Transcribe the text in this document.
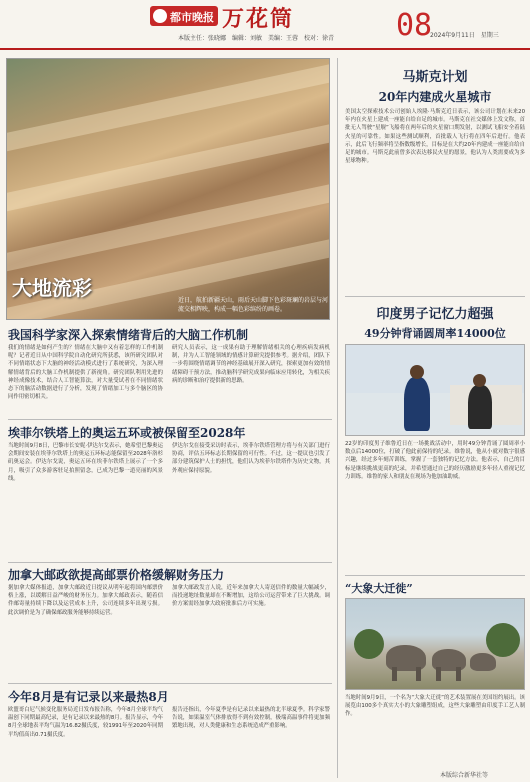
都市晚报 万花筒
本版主任：张晓娜　编辑：刘敏　美编：王蓉　校对：徐青 08
2024年9月11日　星期三
大地流彩
近日，航拍新疆天山，雨后天山脚下色彩斑斓的岩层与河流交相辉映，构成一幅色彩缤纷的画卷。
我国科学家深入探索情绪背后的大脑工作机制
我们的情绪是如何产生的？情绪在大脑中又有着怎样的工作机制呢？记者近日从中国科学院自动化研究所获悉，该所研究团队对不同情绪状态下大脑的神经活动模式进行了系统研究，为深入理解情绪背后的大脑工作机制提供了新视角。研究团队利用先进的神经成像技术，结合人工智能算法，对大量受试者在不同情绪状态下的脑活动数据进行了分析，发现了情绪加工与多个脑区的协同作用密切相关。
研究人员表示，这一成果有助于理解情绪相关的心理疾病发病机制，并为人工智能领域的情感计算研究提供参考。据介绍，团队下一步将围绕情绪调节的神经基础展开深入研究，探索更加有效的情绪障碍干预方法，推动脑科学研究成果向临床应用转化，为相关疾病的诊断和治疗提供新的思路。
埃菲尔铁塔上的奥运五环或被保留至2028年
当地时间9月8日，巴黎市长安妮·伊达尔戈表示，她希望巴黎奥运会期间安装在埃菲尔铁塔上的奥运五环标志能保留至2028年洛杉矶奥运会。伊达尔戈说，奥运五环在埃菲尔铁塔上展示了一个多月，吸引了众多游客驻足拍照留念，已成为巴黎一道亮丽的风景线。
伊达尔戈在接受采访时表示，埃菲尔铁塔管理方将与有关部门进行协商，评估五环标志长期保留的可行性。不过，这一提议也引发了部分建筑保护人士的担忧，他们认为埃菲尔铁塔作为历史文物，其外观应保持原貌。
加拿大邮政欲提高邮票价格缓解财务压力
据加拿大媒体报道，加拿大邮政近日提议从明年起将国内邮票价格上涨，以缓解日益严峻的财务压力。加拿大邮政表示，随着信件邮寄量持续下降以及运营成本上升，公司连续多年出现亏损。此次调价是为了确保邮政服务能够持续运营。
加拿大邮政发言人说，近年来加拿大人寄送信件的数量大幅减少，而投递地址数量却在不断增加，这给公司运营带来了巨大挑战。调价方案需经加拿大政府批准后方可实施。
今年8月是有记录以来最热8月
欧盟哥白尼气候变化服务局近日发布报告称，今年8月全球平均气温创下同期最高纪录，是有记录以来最热的8月。报告显示，今年8月全球地表平均气温为16.82摄氏度，较1991年至2020年同期平均值高出0.71摄氏度。
报告还指出，今年夏季是有记录以来最热的北半球夏季。科学家警告说，如果温室气体排放得不到有效控制，极端高温事件将更加频繁地出现，对人类健康和生态系统造成严重影响。
马斯克计划
20年内建成火星城市
美国太空探索技术公司创始人埃隆·马斯克近日表示，该公司计划在未来20年内在火星上建成一座能自给自足的城市。马斯克在社交媒体上发文称，首批无人驾驶“星舰”飞船将在两年后的火星窗口期发射，以测试飞船安全着陆火星的可靠性。如果这些测试顺利，首批载人飞行将在四年后进行。他表示，此后飞行频率将呈指数级增长，目标是在大约20年内建成一座能自给自足的城市。马斯克此前曾多次表达移民火星的愿景，他认为人类需要成为多星球物种。
印度男子记忆力超强
49分钟背诵圆周率14000位
22岁的印度男子维鲁近日在一场挑战活动中，用时49分钟背诵了圆周率小数点后14000位，打破了他此前保持的纪录。维鲁说，他从小就对数字很感兴趣，经过多年刻苦训练，掌握了一套独特的记忆方法。他表示，自己的目标是继续挑战更高的纪录，并希望通过自己的经历激励更多年轻人重视记忆力训练。维鲁的家人和朋友在现场为他加油助威。
“大象大迁徙”
当地时间9月9日，一个名为“大象大迁徙”的艺术装置展在美国纽约展出。该展览由100多个真实大小的大象雕塑组成，这些大象雕塑由印度手工艺人制作。
本版综合新华社等
